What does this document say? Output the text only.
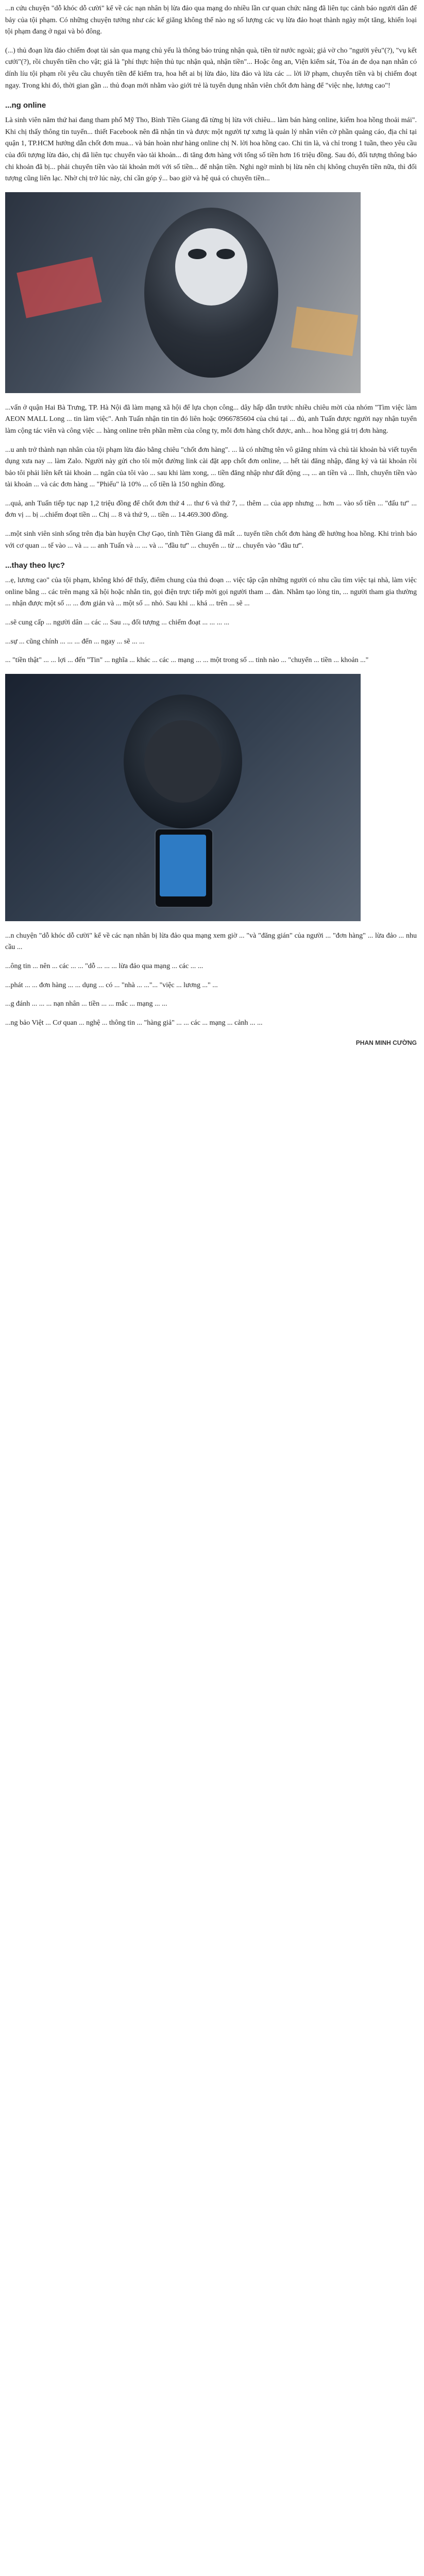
...n cứu chuyện "dỗ khóc dỗ cười" kể về các nạn nhân bị lừa đảo qua mạng do nhiều lần cư quan chức năng đã liên tục cảnh báo người dân để bảy của tội phạm. Có những chuyện tưởng như các kế giăng không thể nào ng số lượng các vụ lừa đảo hoạt thành ngày một tăng, khiến loại tội phạm đang ở ngai và bỏ đông.

(...) thủ đoạn lừa đảo chiếm đoạt tài sản qua mạng chủ yếu là thông báo trúng nhận quà, tiền từ nước ngoài; giả vờ cho "người yêu"(?), "vụ kết cưới"(?), rồi chuyển tiền cho vật; giả là "phí thực hiện thủ tục nhận quà, nhận tiền"... Hoặc ông an, Viện kiểm sát, Tòa án đe dọa nạn nhân có dính líu tội phạm rồi yêu cầu chuyển tiền để kiểm tra, hoa hết ai bị lừa đảo, lừa đảo và lừa các ... lời lỡ phạm, chuyển tiền và bị chiếm đoạt ngay. Trong khi đó, thời gian gần ... thủ đoạn mới nhằm vào giới trẻ là tuyển dụng nhân viên chốt đơn hàng để "việc nhẹ, lương cao"!

...ng online

Là sinh viên năm thứ hai đang tham phố Mỹ Tho, Bình Tiền Giang đã từng bị lừa với chiêu... làm bán hàng online, kiếm hoa hồng thoải mái". Khi chị thấy thông tin tuyển... thiết Facebook nên đã nhận tin và được một người tự xưng là quản lý nhân viên cờ phần quảng cáo, địa chỉ tại quận 1, TP.HCM hướng dẫn chốt đơn mua... và bán hoàn như hàng online chị N. lời hoa hồng cao. Chi tin là, và chỉ trong 1 tuần, theo yêu cầu của đối tượng lừa đảo, chị đã liên tục chuyển vào tài khoản... đi tăng đơn hàng với tổng số tiền hơn 16 triệu đồng. Sau đó, đối tượng thông báo chi khoản đã bị... phải chuyển tiền vào tài khoản mới với số tiền... để nhận tiền. Nghi ngờ mình bị lừa nên chị không chuyển tiền nữa, thì đối tượng cũng liên lạc. Nhờ chị trở lúc này, chỉ cần góp ý... bao giờ và hệ quả có chuyển tiền...

...vấn ở quận Hai Bà Trưng, TP. Hà Nội đã làm mạng xã hội để lựa chọn công... dây hấp dẫn trước nhiều chiêu mời của nhóm "Tìm việc làm AEON MALL Long ... tin làm việc". Anh Tuấn nhận tin tin đó liên hoặc 0966785604 của chú tại ... đủ, anh Tuấn được người nạy nhận tuyển làm cộng tác viên và công việc ... hàng online trên phần mềm của công ty, mỗi đơn hàng chốt được, anh... hoa hồng giá trị đơn hàng.

...u anh trở thành nạn nhân của tội phạm lừa đảo bằng chiêu "chốt đơn hàng". ... là có những tên vô giăng nhím và chủ tài khoản bà viết tuyển dụng xưa nay ... làm Zalo. Người này gửi cho tôi một đường link cài đặt app chốt đơn online, ... hết tài đăng nhập, đăng ký và tài khoản rồi bảo tôi phải liên kết tài khoản ... ngân của tôi vào ... sau khi làm xong, ... tiền đăng nhập như đất động ..., ... an tiền và ... lĩnh, chuyển tiền vào tài khoản ... và các đơn hàng ... "Phiếu" là 10% ... cố tiền là 150 nghìn đồng.

...quả, anh Tuấn tiếp tục nạp 1,2 triệu đồng để chốt đơn thứ 4 ... thư 6 và thứ 7, ... thêm ... của app nhưng ... hơn ... vào số tiền ... "đấu tư" ... đơn vị ... bị ...chiếm đoạt tiền ... Chị ... 8 và thứ 9, ... tiền ... 14.469.300 đồng.

...một sinh viên sinh sống trên địa bàn huyện Chợ Gạo, tỉnh Tiền Giang đã mất ... tuyển tiền chốt đơn hàng đề hưởng hoa hồng. Khi trình báo với cơ quan ... tế vào ... và ... ... anh Tuấn và ... ... và ... "đầu tư" ... chuyển ... từ ... chuyển vào "đầu tư".

...thay theo lực?

...ẹ, lương cao" của tội phạm, không khó để thấy, điểm chung của thủ đoạn ... việc tập cận những người có nhu cầu tìm việc tại nhà, làm việc online bằng ... các trên mạng xã hội hoặc nhắn tin, gọi điện trực tiếp mời gọi người tham ... đàn. Nhằm tạo lòng tin, ... người tham gia thường ... nhận được một số ... ... đơn giản và ... một số ... nhỏ. Sau khi ... khá ... trên ... sẽ ...

...sẽ cung cấp ... người dân ... các ... Sau ..., đối tượng ... chiếm đoạt ... ... ... ...

...sự ... cũng chính ... ... ... đến ... ngay ... sẽ ... ...

... "tiền thật" ... ... lợi ... đến "Tin" ... nghĩa ... khác ... các ... mạng ... ... một trong số ... tinh nào ... "chuyển ... tiền ... khoản ..."

...n chuyện "dỗ khóc dỗ cười" kể về các nạn nhân bị lừa đảo qua mạng xem giờ ... "và "đăng gián" của người ... "đơn hàng" ... lừa đảo ... nhu cầu ...

...ông tin ... nên ... các ... ... "dỗ ... ... ... lừa đảo qua mạng ... các ... ...

...phát ... ... đơn hàng ... ... dụng ... có ... "nhà ... ..."... "việc ... lương ..." ...

...g đánh ... ... ... nạn nhân ... tiền ... ... mắc ... mạng ... ...

...ng bảo Việt ... Cơ quan ... nghệ ... thông tin ... "hàng giả" ... ... các ... mạng ... cảnh ... ...

PHAN MINH CƯỜNG
